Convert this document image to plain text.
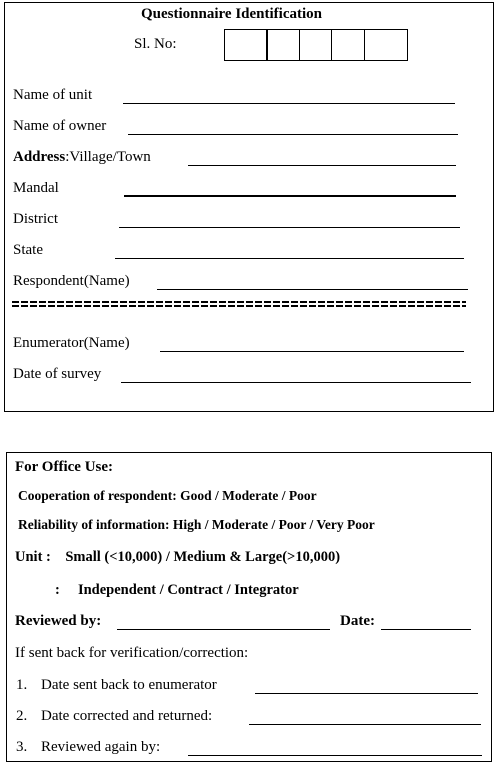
Questionnaire Identification
Sl. No:
Name of unit
Name of owner
Address:Village/Town
Mandal
District
State
Respondent(Name)
Enumerator(Name)
Date of survey
For Office Use:
Cooperation of respondent: Good / Moderate / Poor
Reliability of information: High / Moderate / Poor / Very Poor
Unit :    Small (<10,000) / Medium & Large(>10,000)
:     Independent / Contract / Integrator
Reviewed by:	Date:
If sent back for verification/correction:
1. Date sent back to enumerator
2. Date corrected and returned:
3. Reviewed again by:
